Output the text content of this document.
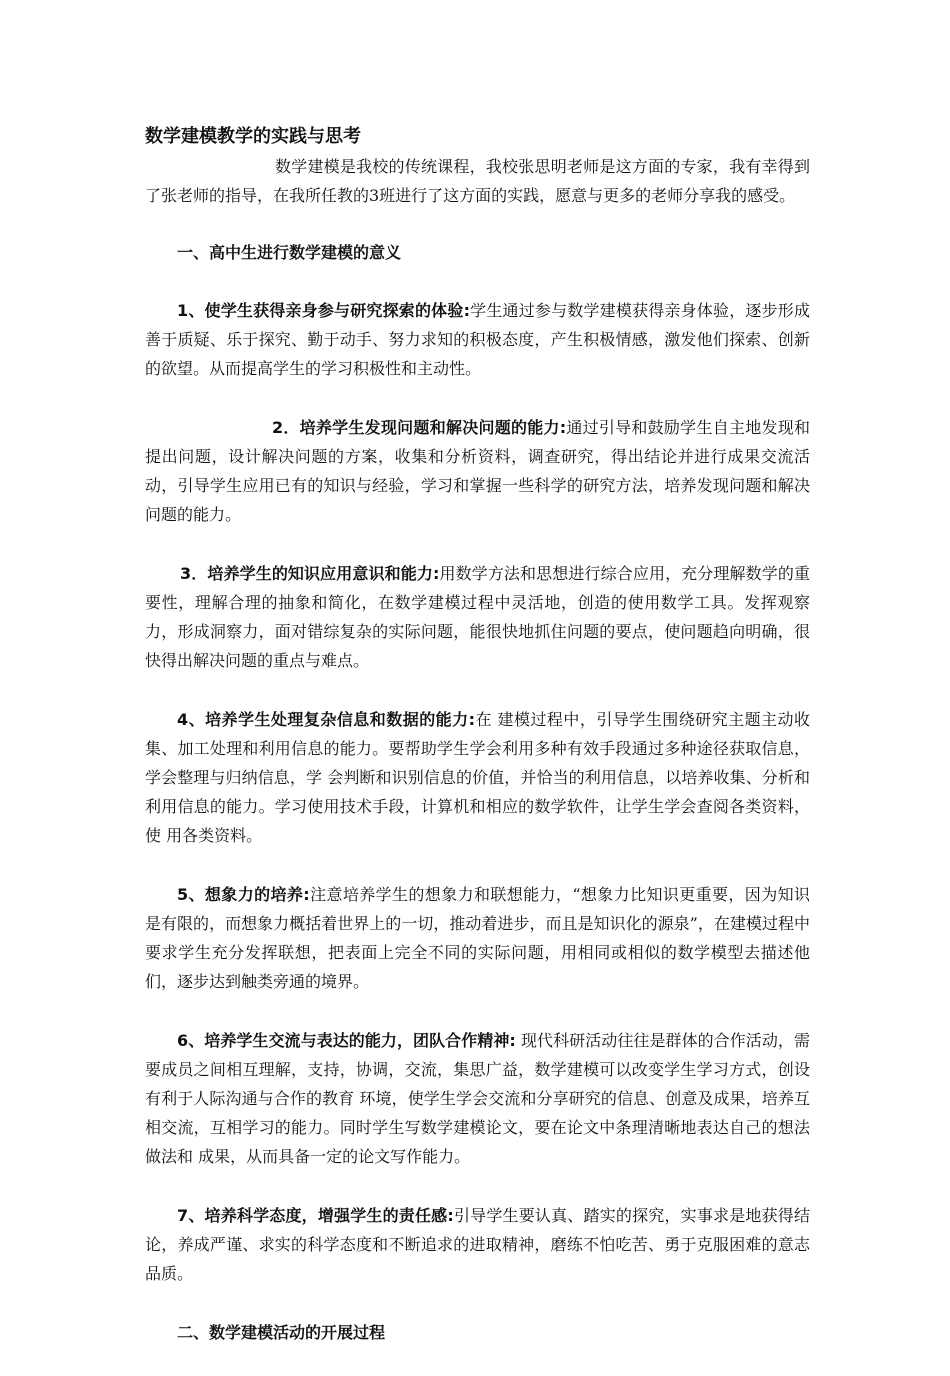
数学建模教学的实践与思考

数学建模是我校的传统课程，我校张思明老师是这方面的专家，我有幸得到了张老师的指导，在我所任教的3班进行了这方面的实践，愿意与更多的老师分享我的感受。

一、高中生进行数学建模的意义

1、使学生获得亲身参与研究探索的体验:学生通过参与数学建模获得亲身体验，逐步形成善于质疑、乐于探究、勤于动手、努力求知的积极态度，产生积极情感，激发他们探索、创新的欲望。从而提高学生的学习积极性和主动性。

2．培养学生发现问题和解决问题的能力:通过引导和鼓励学生自主地发现和提出问题，设计解决问题的方案，收集和分析资料，调查研究，得出结论并进行成果交流活动，引导学生应用已有的知识与经验，学习和掌握一些科学的研究方法，培养发现问题和解决问题的能力。

3．培养学生的知识应用意识和能力:用数学方法和思想进行综合应用，充分理解数学的重要性，理解合理的抽象和简化，在数学建模过程中灵活地，创造的使用数学工具。发挥观察力，形成洞察力，面对错综复杂的实际问题，能很快地抓住问题的要点，使问题趋向明确，很快得出解决问题的重点与难点。

4、培养学生处理复杂信息和数据的能力:在 建模过程中，引导学生围绕研究主题主动收集、加工处理和利用信息的能力。要帮助学生学会利用多种有效手段通过多种途径获取信息，学会整理与归纳信息，学 会判断和识别信息的价值，并恰当的利用信息，以培养收集、分析和利用信息的能力。学习使用技术手段，计算机和相应的数学软件，让学生学会查阅各类资料，使 用各类资料。

5、想象力的培养:注意培养学生的想象力和联想能力，“想象力比知识更重要，因为知识是有限的，而想象力概括着世界上的一切，推动着进步，而且是知识化的源泉”，在建模过程中要求学生充分发挥联想，把表面上完全不同的实际问题，用相同或相似的数学模型去描述他们，逐步达到触类旁通的境界。

6、培养学生交流与表达的能力，团队合作精神: 现代科研活动往往是群体的合作活动，需要成员之间相互理解，支持，协调，交流，集思广益，数学建模可以改变学生学习方式，创设有利于人际沟通与合作的教育 环境，使学生学会交流和分享研究的信息、创意及成果，培养互相交流，互相学习的能力。同时学生写数学建模论文，要在论文中条理清晰地表达自己的想法做法和 成果，从而具备一定的论文写作能力。

7、培养科学态度，增强学生的责任感:引导学生要认真、踏实的探究，实事求是地获得结论，养成严谨、求实的科学态度和不断追求的进取精神，磨练不怕吃苦、勇于克服困难的意志品质。

二、数学建模活动的开展过程
